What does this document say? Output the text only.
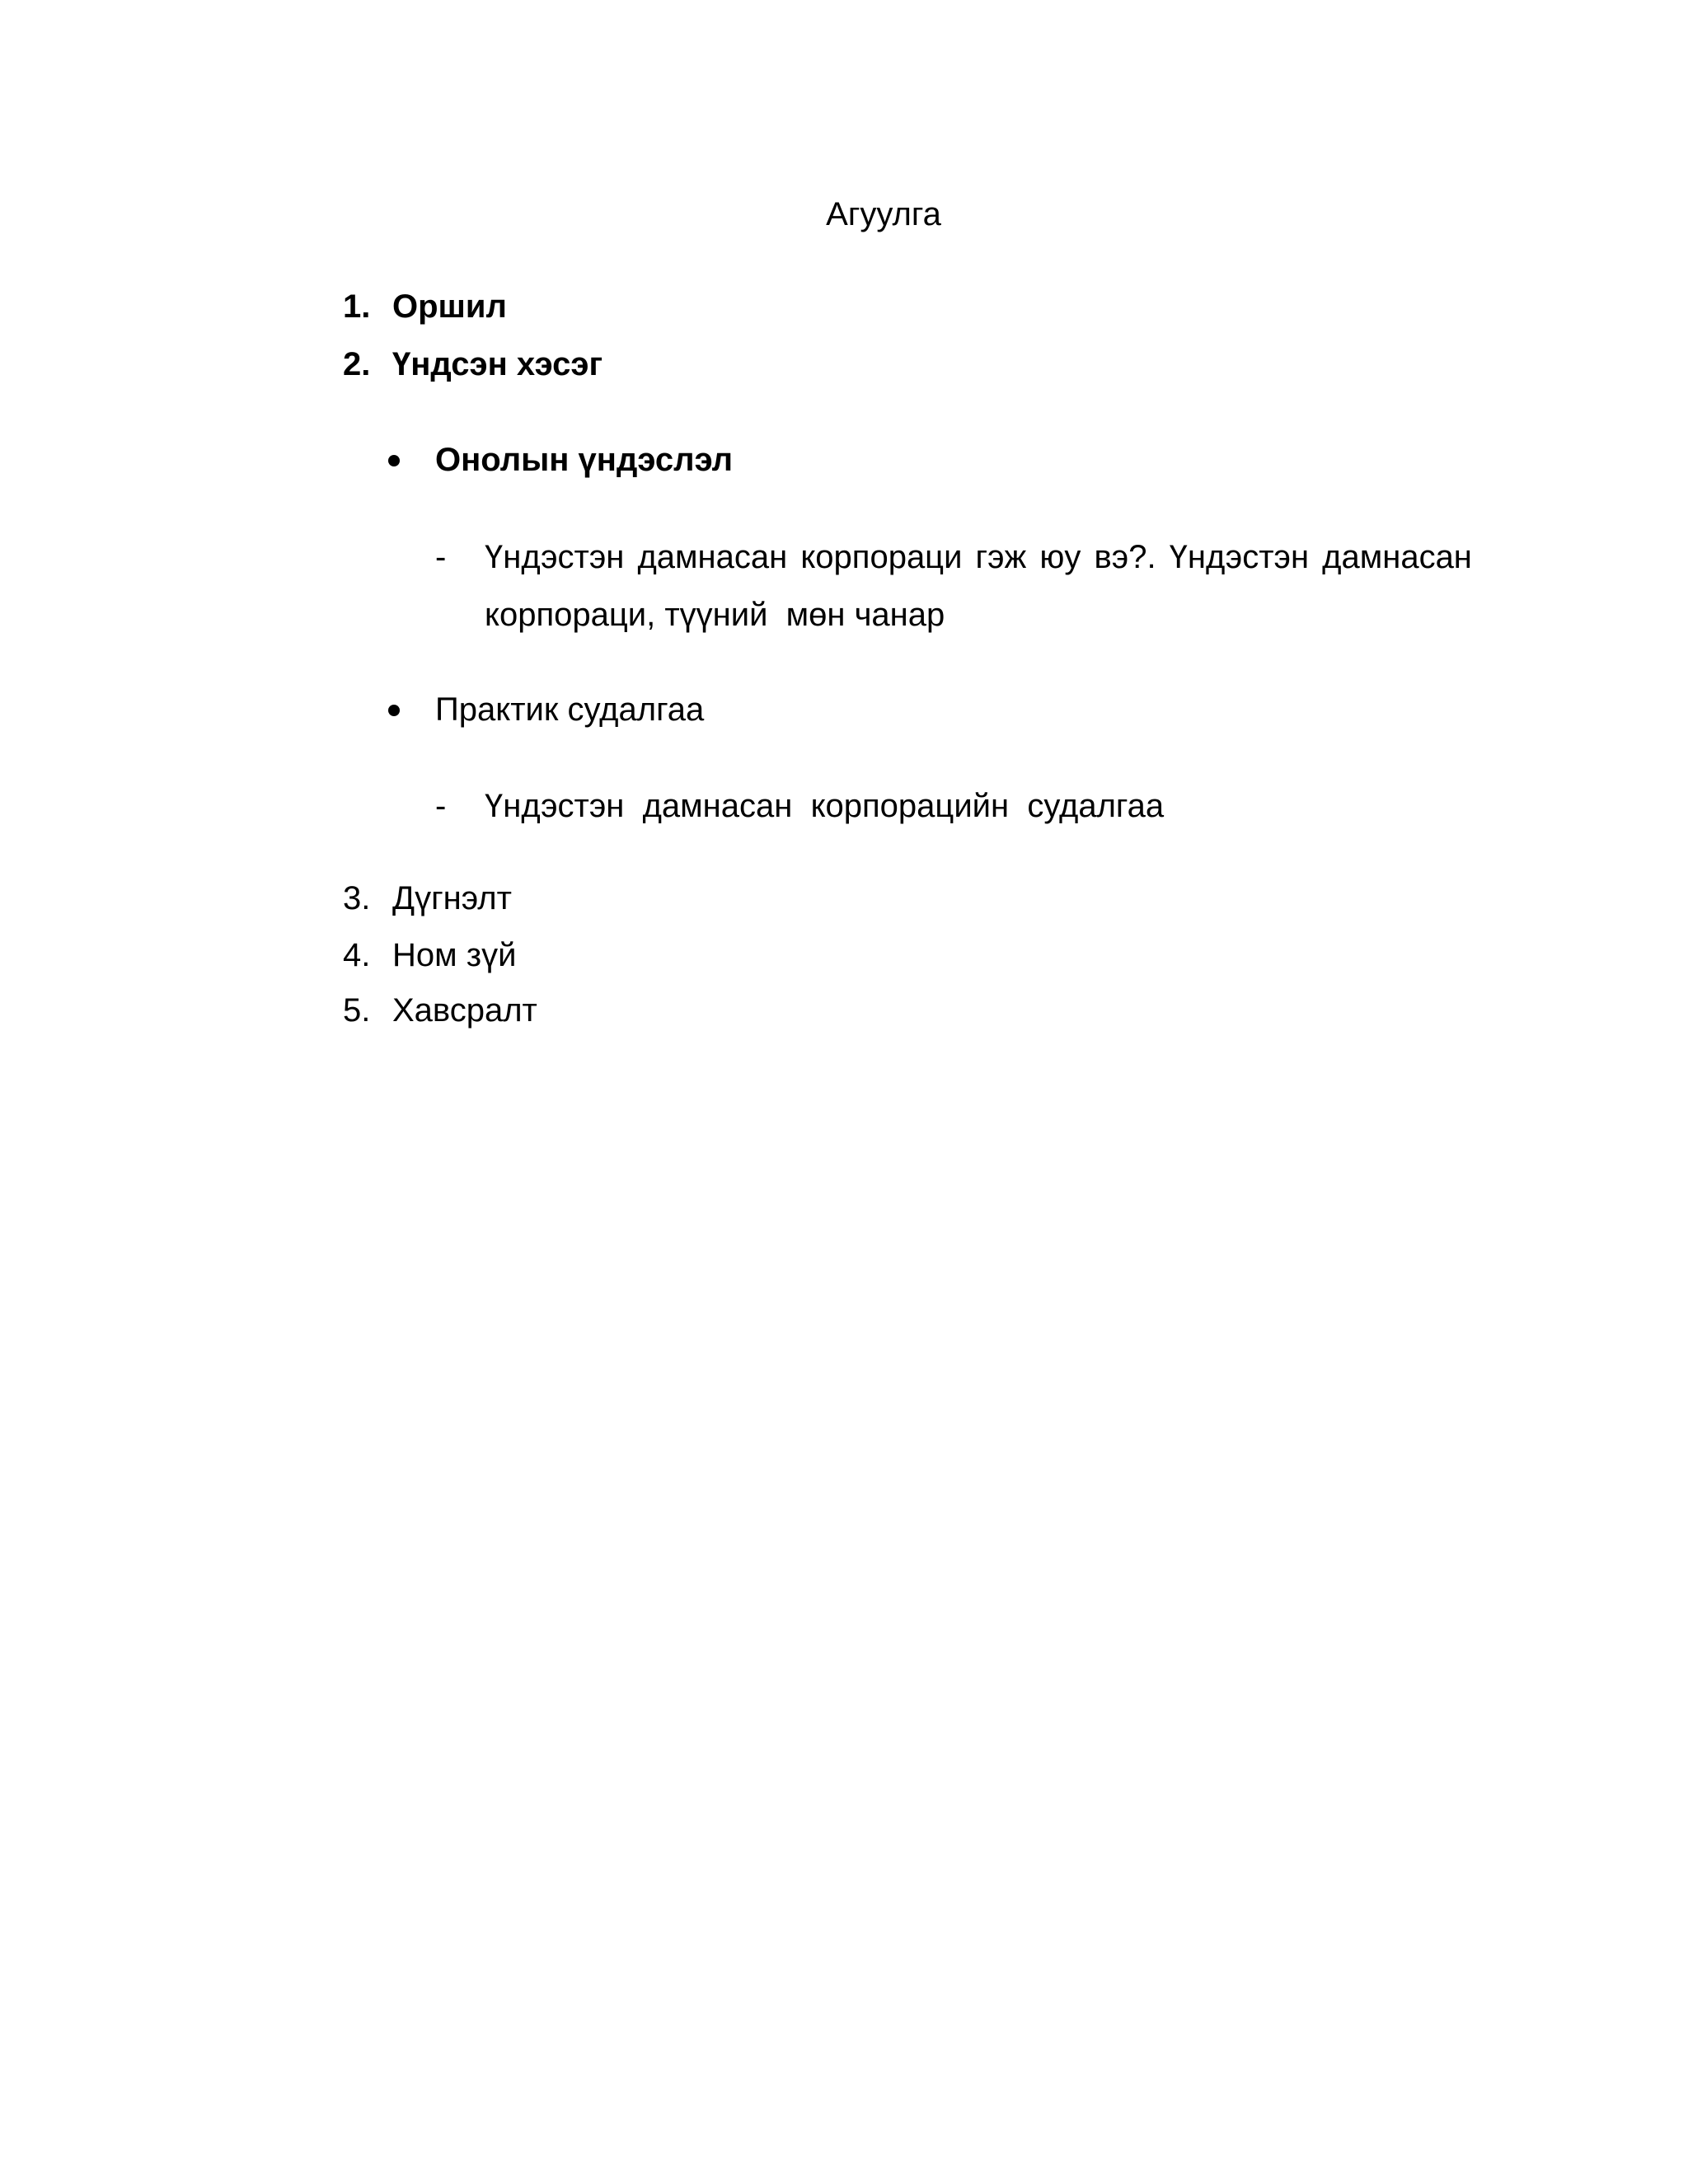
Агуулга
1. Оршил
2. Үндсэн хэсэг
Онолын үндэслэл
- Үндэстэн дамнасан корпораци гэж юу вэ?. Үндэстэн дамнасан
корпораци, түүний  мөн чанар
Практик судалгаа
- Үндэстэн  дамнасан  корпорацийн  судалгаа
3. Дүгнэлт
4. Ном зүй
5. Хавсралт
